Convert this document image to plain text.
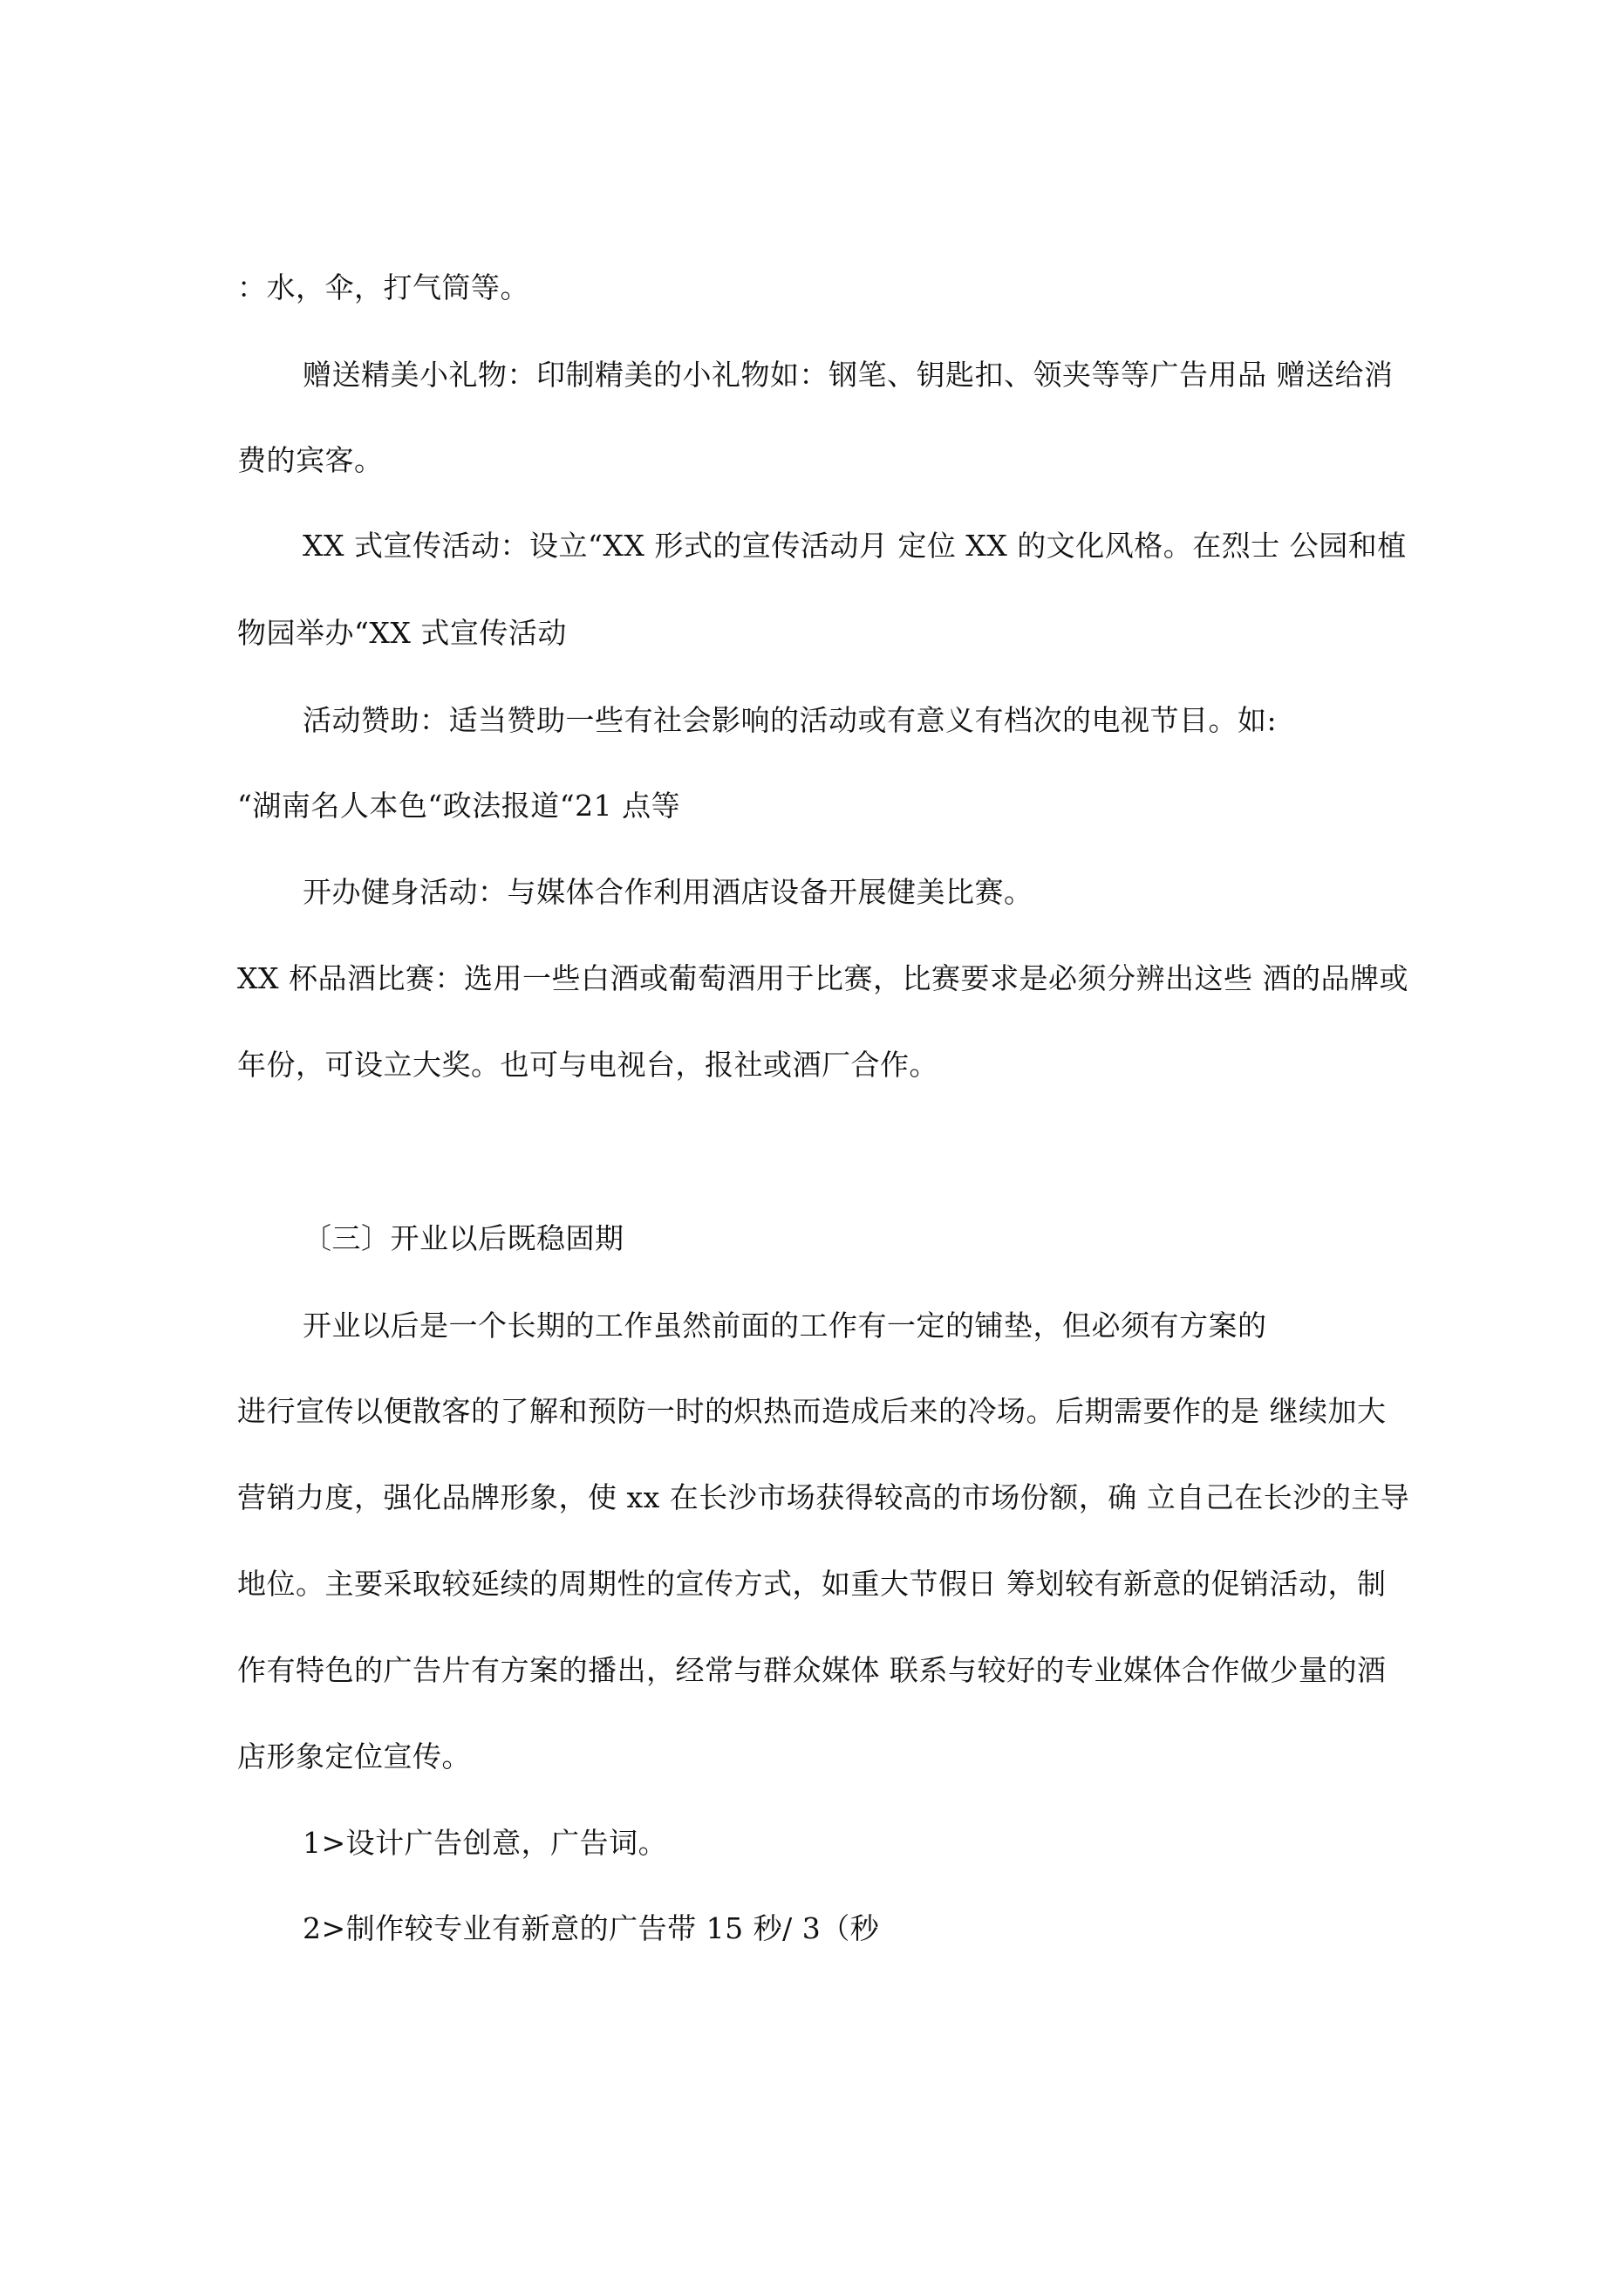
：水，伞，打气筒等。
赠送精美小礼物：印制精美的小礼物如：钢笔、钥匙扣、领夹等等广告用品 赠送给消
费的宾客。
XX 式宣传活动：设立“XX 形式的宣传活动月 定位 XX 的文化风格。在烈士 公园和植
物园举办“XX 式宣传活动
活动赞助：适当赞助一些有社会影响的活动或有意义有档次的电视节目。如:
“湖南名人本色“政法报道“21 点等
开办健身活动：与媒体合作利用酒店设备开展健美比赛。
XX 杯品酒比赛：选用一些白酒或葡萄酒用于比赛，比赛要求是必须分辨出这些 酒的品牌或
年份，可设立大奖。也可与电视台，报社或酒厂合作。
〔三〕开业以后既稳固期
开业以后是一个长期的工作虽然前面的工作有一定的铺垫，但必须有方案的
进行宣传以便散客的了解和预防一时的炽热而造成后来的冷场。后期需要作的是 继续加大
营销力度，强化品牌形象，使 xx 在长沙市场获得较高的市场份额，确 立自己在长沙的主导
地位。主要采取较延续的周期性的宣传方式，如重大节假日 筹划较有新意的促销活动，制
作有特色的广告片有方案的播出，经常与群众媒体 联系与较好的专业媒体合作做少量的酒
店形象定位宣传。
1>设计广告创意，广告词。
2>制作较专业有新意的广告带 15 秒/ 3（秒
